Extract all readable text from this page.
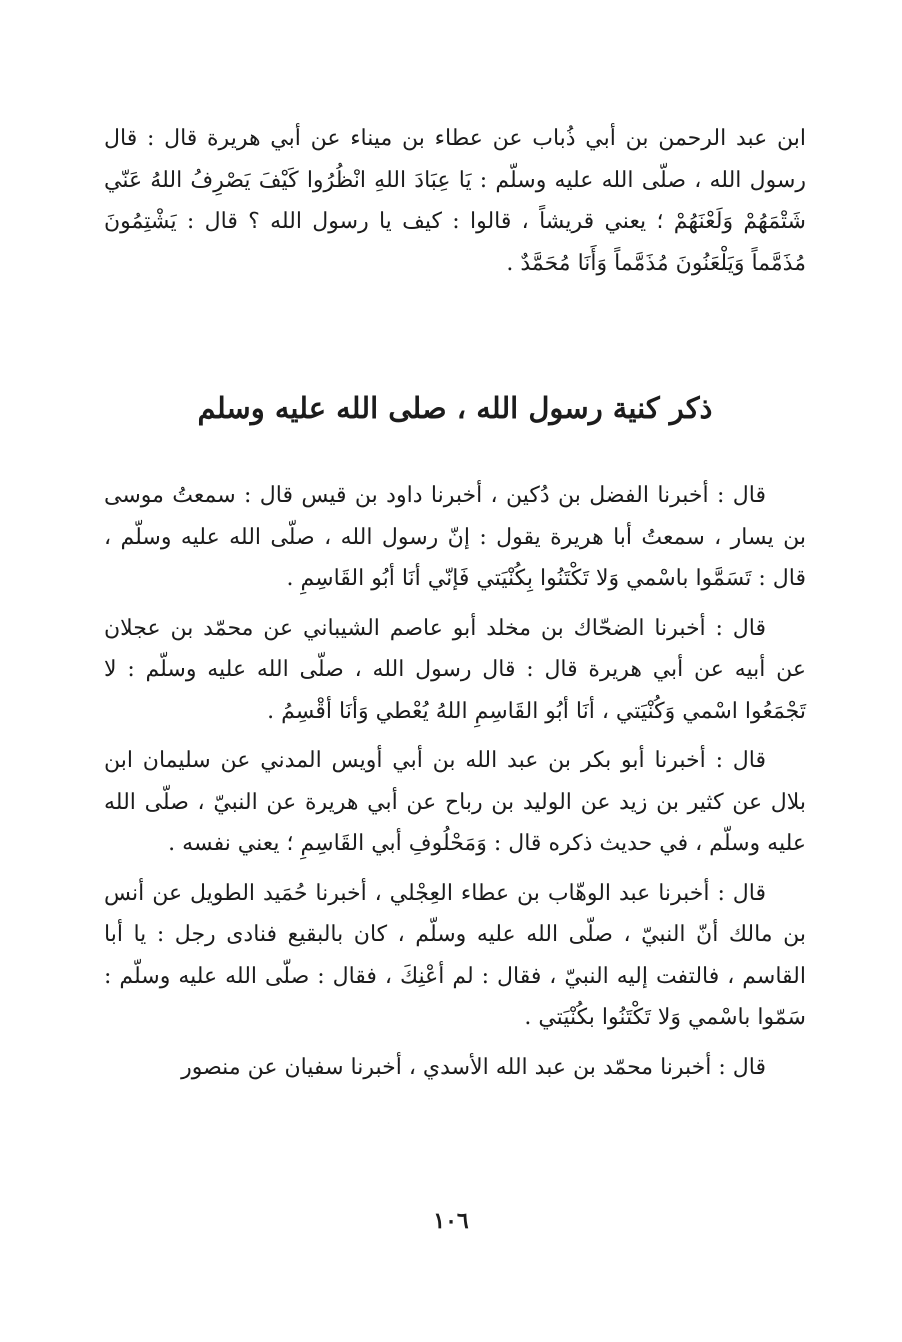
ابن عبد الرحمن بن أبي ذُباب عن عطاء بن ميناء عن أبي هريرة قال : قال رسول الله ، صلّى الله عليه وسلّم : يَا عِبَادَ اللهِ انْظُرُوا كَيْفَ يَصْرِفُ اللهُ عَنّي شَتْمَهُمْ وَلَعْنَهُمْ ؛ يعني قريشاً ، قالوا : كيف يا رسول الله ؟ قال : يَشْتِمُونَ مُذَمَّماً وَيَلْعَنُونَ مُذَمَّماً وَأَنَا مُحَمَّدٌ .

ذكر كنية رسول الله ، صلى الله عليه وسلم

قال : أخبرنا الفضل بن دُكين ، أخبرنا داود بن قيس قال : سمعتُ موسى بن يسار ، سمعتُ أبا هريرة يقول : إنّ رسول الله ، صلّى الله عليه وسلّم ، قال : تَسَمَّوا باسْمي وَلا تَكْتَنُوا بِكُنْيَتي فَإنّي أنَا أبُو القَاسِمِ .

قال : أخبرنا الضحّاك بن مخلد أبو عاصم الشيباني عن محمّد بن عجلان عن أبيه عن أبي هريرة قال : قال رسول الله ، صلّى الله عليه وسلّم : لا تَجْمَعُوا اسْمي وَكُنْيَتي ، أنَا أبُو القَاسِمِ اللهُ يُعْطي وَأنَا أقْسِمُ .

قال : أخبرنا أبو بكر بن عبد الله بن أبي أويس المدني عن سليمان ابن بلال عن كثير بن زيد عن الوليد بن رباح عن أبي هريرة عن النبيّ ، صلّى الله عليه وسلّم ، في حديث ذكره قال : وَمَحْلُوفِ أبي القَاسِمِ ؛ يعني نفسه .

قال : أخبرنا عبد الوهّاب بن عطاء العِجْلي ، أخبرنا حُمَيد الطويل عن أنس بن مالك أنّ النبيّ ، صلّى الله عليه وسلّم ، كان بالبقيع فنادى رجل : يا أبا القاسم ، فالتفت إليه النبيّ ، فقال : لم أعْنِكَ ، فقال : صلّى الله عليه وسلّم : سَمّوا باسْمي وَلا تَكْتَنُوا بكُنْيَتي .

قال : أخبرنا محمّد بن عبد الله الأسدي ، أخبرنا سفيان عن منصور

١٠٦
